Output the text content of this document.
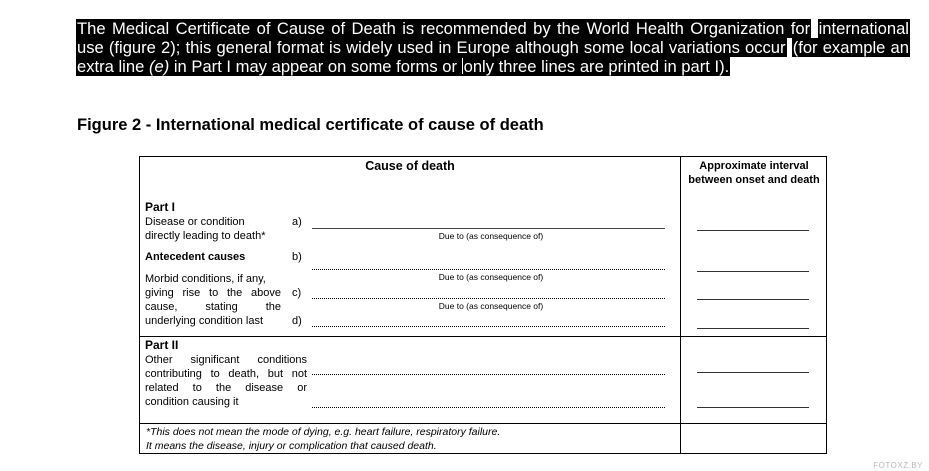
The Medical Certificate of Cause of Death is recommended by the World Health Organization for international use (figure 2); this general format is widely used in Europe although some local variations occur (for example an extra line (e) in Part I may appear on some forms or only three lines are printed in part I).
Figure 2 - International medical certificate of cause of death
Cause of death	Approximate interval between onset and death
Part I
Disease or condition
directly leading to death*
a)
Due to (as consequence of)
Antecedent causes	b)
Due to (as consequence of)
Morbid conditions, if any,
giving rise to the above
cause, stating the
underlying condition last
c)
Due to (as consequence of)
d)
Part II
Other significant conditions
contributing to death, but not
related to the disease or
condition causing it
*This does not mean the mode of dying, e.g. heart failure, respiratory failure.
It means the disease, injury or complication that caused death.
FOTOXZ.BY
